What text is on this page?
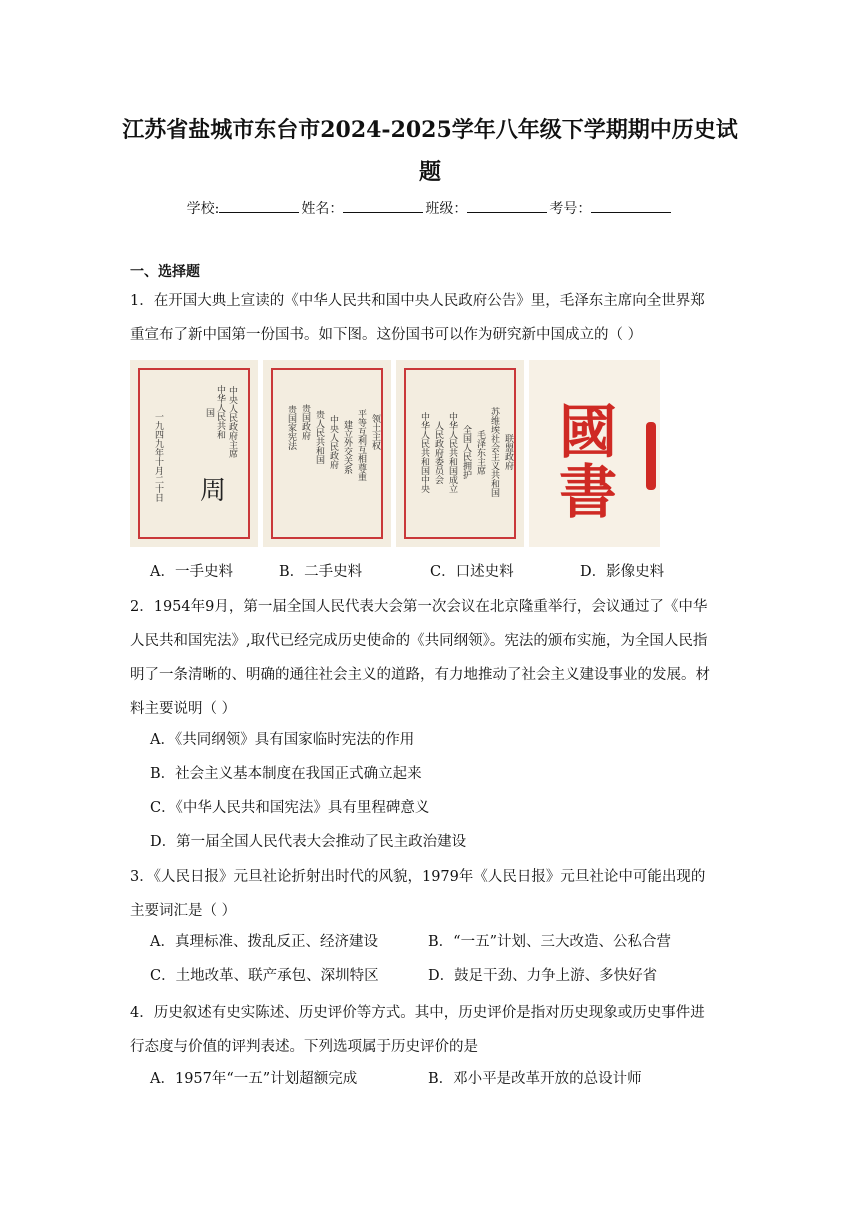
江苏省盐城市东台市2024-2025学年八年级下学期期中历史试
题
学校:	姓名：	班级：	考号：
一、选择题
1．在开国大典上宣读的《中华人民共和国中央人民政府公告》里，毛泽东主席向全世界郑
重宣布了新中国第一份国书。如下图。这份国书可以作为研究新中国成立的（ ）
一九四九年十月二十日	中华人民共和国	中央人民政府主席
周
贵国家宪法 贵国政府 贵人民共和国 中央人民政府 建立外交关系 平等互利互相尊重 领土主权	中华人民共和国中央 人民政府委员会 中华人民共和国成立 全国人民拥护 毛泽东主席 苏维埃社会主义共和国 联盟政府 國
書
A．一手史料	B．二手史料	C．口述史料	D．影像史料
2．1954年9月，第一届全国人民代表大会第一次会议在北京隆重举行，会议通过了《中华
人民共和国宪法》,取代已经完成历史使命的《共同纲领》。宪法的颁布实施，为全国人民指
明了一条清晰的、明确的通往社会主义的道路，有力地推动了社会主义建设事业的发展。材
料主要说明（ ）
A．《共同纲领》具有国家临时宪法的作用
B．社会主义基本制度在我国正式确立起来
C．《中华人民共和国宪法》具有里程碑意义
D．第一届全国人民代表大会推动了民主政治建设
3．《人民日报》元旦社论折射出时代的风貌，1979年《人民日报》元旦社论中可能出现的
主要词汇是（ ）
A．真理标准、拨乱反正、经济建设	B．“一五”计划、三大改造、公私合营
C．土地改革、联产承包、深圳特区	D．鼓足干劲、力争上游、多快好省
4．历史叙述有史实陈述、历史评价等方式。其中，历史评价是指对历史现象或历史事件进
行态度与价值的评判表述。下列选项属于历史评价的是
A．1957年“一五”计划超额完成	B．邓小平是改革开放的总设计师
